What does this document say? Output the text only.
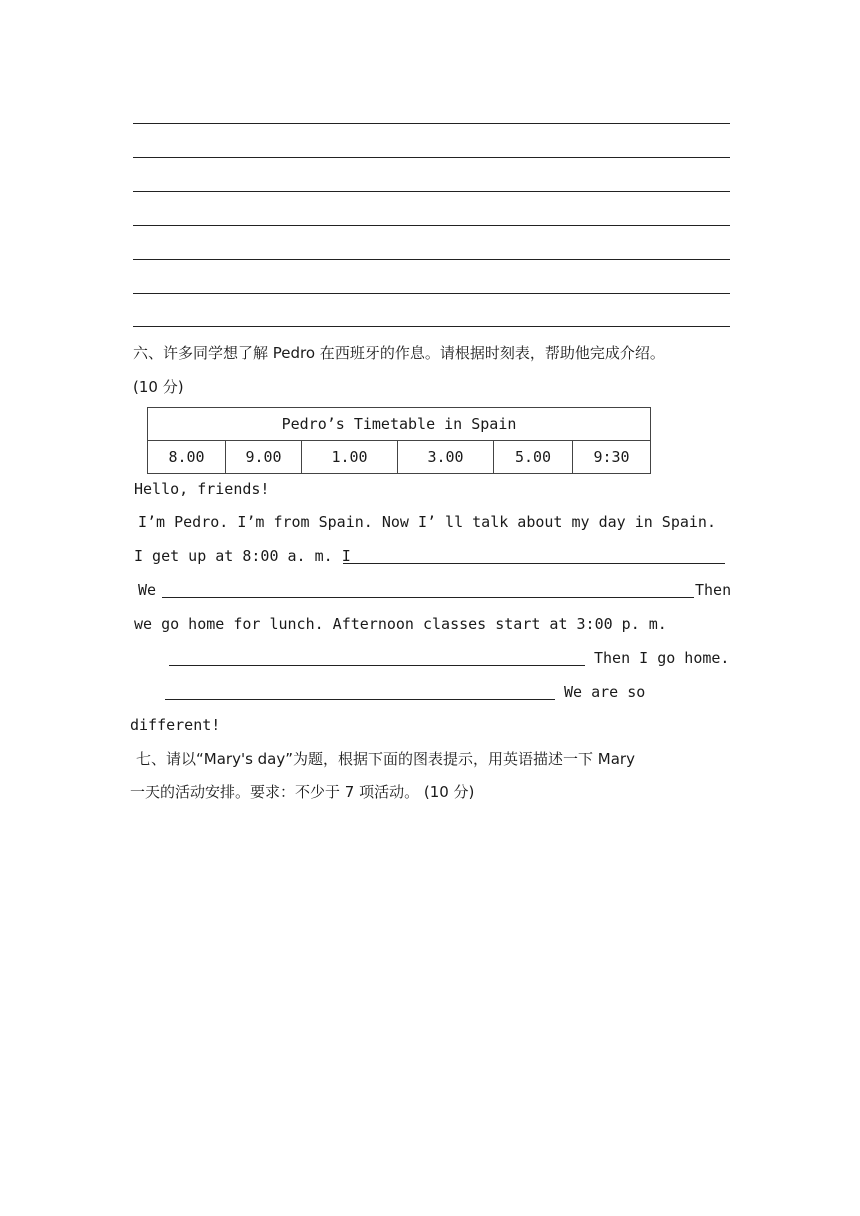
六、许多同学想了解 Pedro 在西班牙的作息。请根据时刻表，帮助他完成介绍。
(10 分)
Pedro’s Timetable in Spain
8.00	9.00	1.00	3.00	5.00	9:30
Hello, friends!
I’m Pedro. I’m from Spain. Now I’ ll talk about my day in Spain.
I get up at 8:00 a. m. I
We	Then
we go home for lunch. Afternoon classes start at 3:00 p. m.
Then I go home.
We are so
different!
七、请以“Mary's day”为题，根据下面的图表提示，用英语描述一下 Mary
一天的活动安排。要求：不少于 7 项活动。 (10 分)
